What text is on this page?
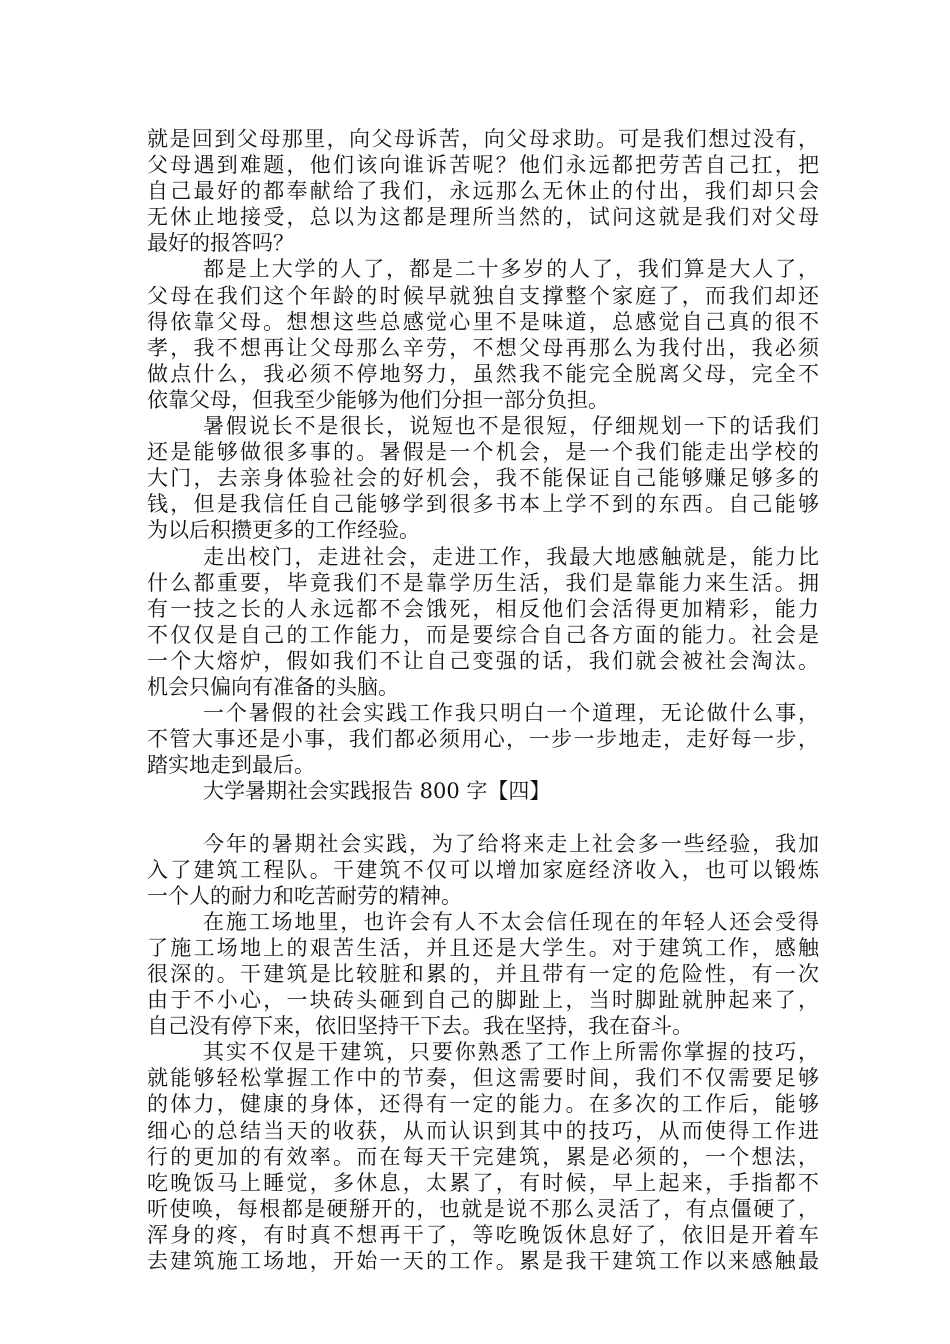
就是回到父母那里，向父母诉苦，向父母求助。可是我们想过没有，
父母遇到难题，他们该向谁诉苦呢？他们永远都把劳苦自己扛，把
自己最好的都奉献给了我们，永远那么无休止的付出，我们却只会
无休止地接受，总以为这都是理所当然的，试问这就是我们对父母
最好的报答吗？
都是上大学的人了，都是二十多岁的人了，我们算是大人了，
父母在我们这个年龄的时候早就独自支撑整个家庭了，而我们却还
得依靠父母。想想这些总感觉心里不是味道，总感觉自己真的很不
孝，我不想再让父母那么辛劳，不想父母再那么为我付出，我必须
做点什么，我必须不停地努力，虽然我不能完全脱离父母，完全不
依靠父母，但我至少能够为他们分担一部分负担。
暑假说长不是很长，说短也不是很短，仔细规划一下的话我们
还是能够做很多事的。暑假是一个机会，是一个我们能走出学校的
大门，去亲身体验社会的好机会，我不能保证自己能够赚足够多的
钱，但是我信任自己能够学到很多书本上学不到的东西。自己能够
为以后积攒更多的工作经验。
走出校门，走进社会，走进工作，我最大地感触就是，能力比
什么都重要，毕竟我们不是靠学历生活，我们是靠能力来生活。拥
有一技之长的人永远都不会饿死，相反他们会活得更加精彩，能力
不仅仅是自己的工作能力，而是要综合自己各方面的能力。社会是
一个大熔炉，假如我们不让自己变强的话，我们就会被社会淘汰。
机会只偏向有准备的头脑。
一个暑假的社会实践工作我只明白一个道理，无论做什么事，
不管大事还是小事，我们都必须用心，一步一步地走，走好每一步，
踏实地走到最后。
大学暑期社会实践报告 800 字【四】
今年的暑期社会实践，为了给将来走上社会多一些经验，我加
入了建筑工程队。干建筑不仅可以增加家庭经济收入，也可以锻炼
一个人的耐力和吃苦耐劳的精神。
在施工场地里，也许会有人不太会信任现在的年轻人还会受得
了施工场地上的艰苦生活，并且还是大学生。对于建筑工作，感触
很深的。干建筑是比较脏和累的，并且带有一定的危险性，有一次
由于不小心，一块砖头砸到自己的脚趾上，当时脚趾就肿起来了，
自己没有停下来，依旧坚持干下去。我在坚持，我在奋斗。
其实不仅是干建筑，只要你熟悉了工作上所需你掌握的技巧，
就能够轻松掌握工作中的节奏，但这需要时间，我们不仅需要足够
的体力，健康的身体，还得有一定的能力。在多次的工作后，能够
细心的总结当天的收获，从而认识到其中的技巧，从而使得工作进
行的更加的有效率。而在每天干完建筑，累是必须的，一个想法，
吃晚饭马上睡觉，多休息，太累了，有时候，早上起来，手指都不
听使唤，每根都是硬掰开的，也就是说不那么灵活了，有点僵硬了，
浑身的疼，有时真不想再干了，等吃晚饭休息好了，依旧是开着车
去建筑施工场地，开始一天的工作。累是我干建筑工作以来感触最
